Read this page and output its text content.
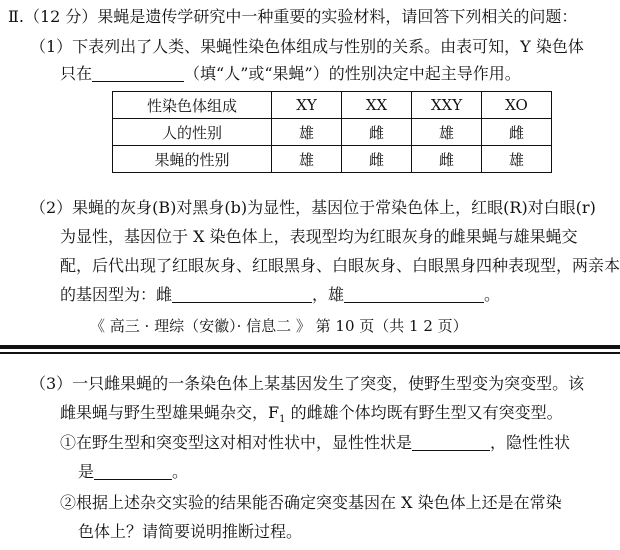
Ⅱ.（12 分）果蝇是遗传学研究中一种重要的实验材料，请回答下列相关的问题：
（1）下表列出了人类、果蝇性染色体组成与性别的关系。由表可知，Y 染色体
只在	（填“人”或“果蝇”）的性别决定中起主导作用。
性染色体组成	XY	XX	XXY	XO
人的性别	雄	雌	雄	雌
果蝇的性别	雄	雌	雌	雄
（2）果蝇的灰身(B)对黑身(b)为显性，基因位于常染色体上，红眼(R)对白眼(r)
为显性，基因位于 X 染色体上，表现型均为红眼灰身的雌果蝇与雄果蝇交
配，后代出现了红眼灰身、红眼黑身、白眼灰身、白眼黑身四种表现型，两亲本
的基因型为：雌	，雄	。
《 高三 · 理综（安徽）· 信息二 》 第 10 页（共 1 2 页）
（3）一只雌果蝇的一条染色体上某基因发生了突变，使野生型变为突变型。该
雌果蝇与野生型雄果蝇杂交，$F_1$ 的雌雄个体均既有野生型又有突变型。
①在野生型和突变型这对相对性状中，显性性状是	，隐性性状
是	。
②根据上述杂交实验的结果能否确定突变基因在 X 染色体上还是在常染
色体上？请简要说明推断过程。
